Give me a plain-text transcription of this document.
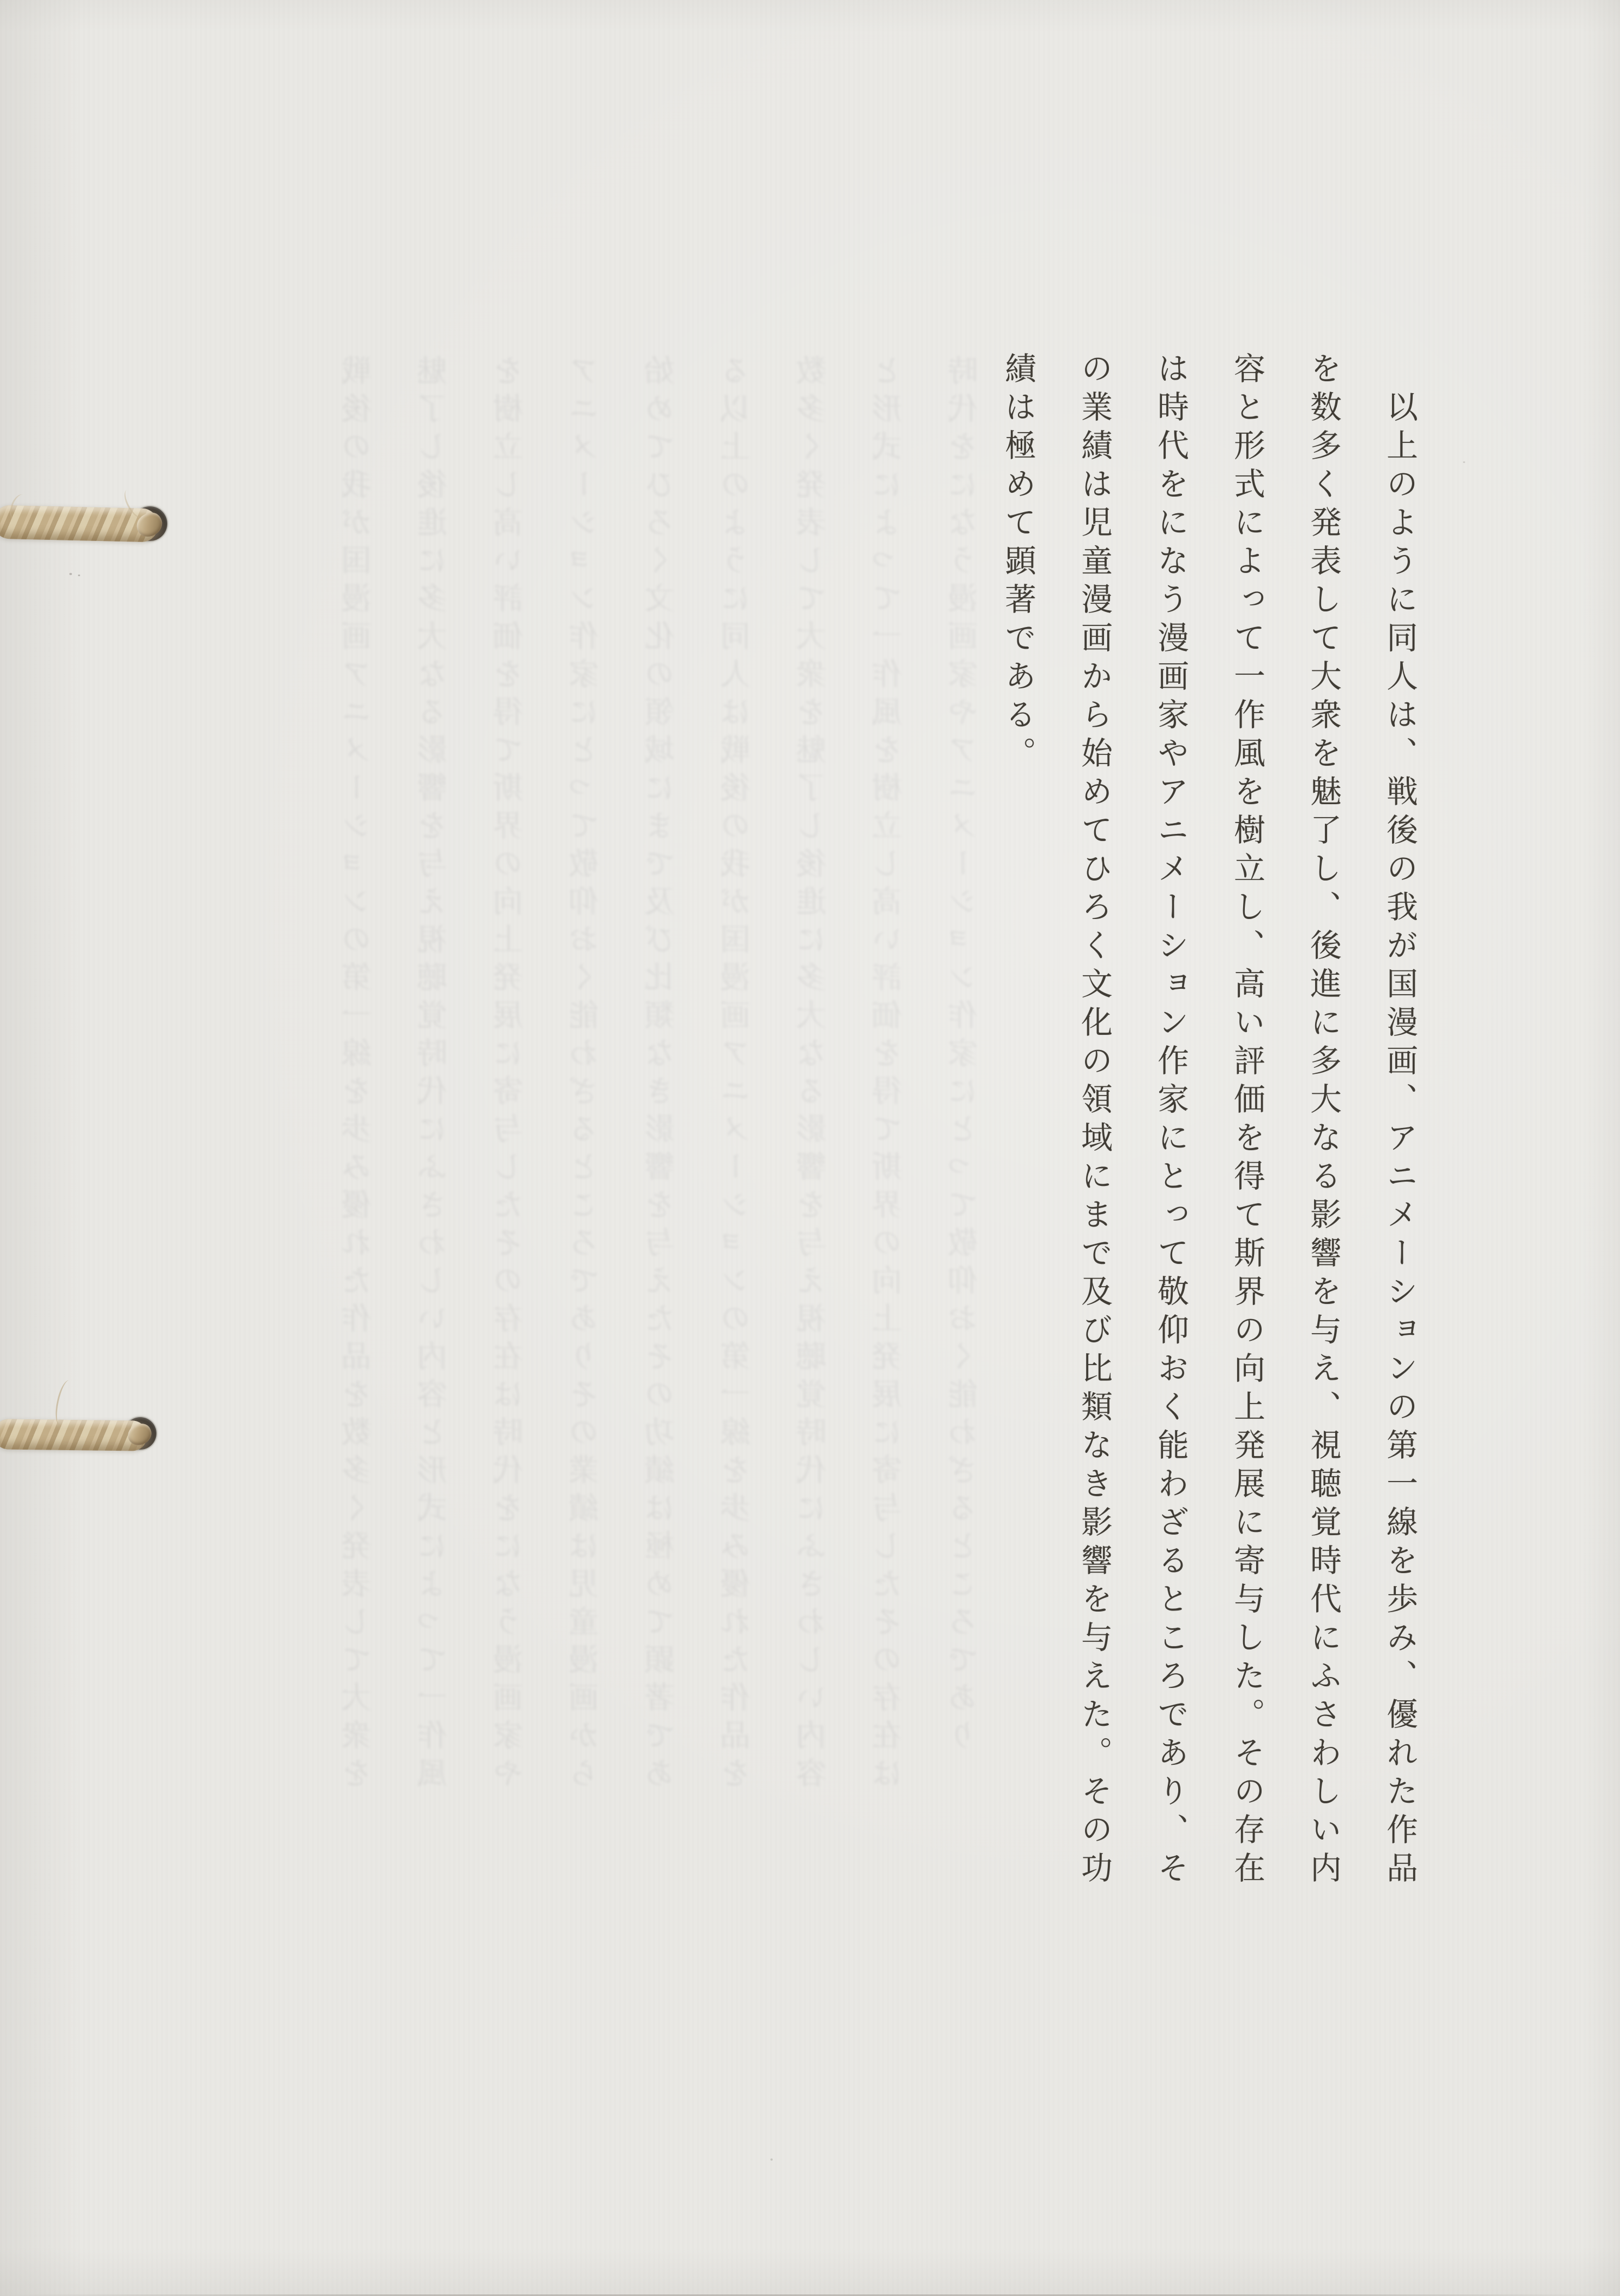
戦後の我が国漫画アニメーションの第一線を歩み優れた作品を数多く発表して大衆を 魅了し後進に多大なる影響を与え視聴覚時代にふさわしい内容と形式によって一作風 を樹立し高い評価を得て斯界の向上発展に寄与したその存在は時代をになう漫画家や アニメーション作家にとって敬仰おく能わざるところでありその業績は児童漫画から 始めてひろく文化の領域にまで及び比類なき影響を与えたその功績は極めて顕著であ る以上のように同人は戦後の我が国漫画アニメーションの第一線を歩み優れた作品を 数多く発表して大衆を魅了し後進に多大なる影響を与え視聴覚時代にふさわしい内容 と形式によって一作風を樹立し高い評価を得て斯界の向上発展に寄与したその存在は 時代をになう漫画家やアニメーション作家にとって敬仰おく能わざるところであり	　以上のように同人は、戦後の我が国漫画、アニメーションの第一線を歩み、優れた作品
を数多く発表して大衆を魅了し、後進に多大なる影響を与え、視聴覚時代にふさわしい内
容と形式によって一作風を樹立し、高い評価を得て斯界の向上発展に寄与した。その存在
は時代をになう漫画家やアニメーション作家にとって敬仰おく能わざるところであり、そ
の業績は児童漫画から始めてひろく文化の領域にまで及び比類なき影響を与えた。その功
績は極めて顕著である。
